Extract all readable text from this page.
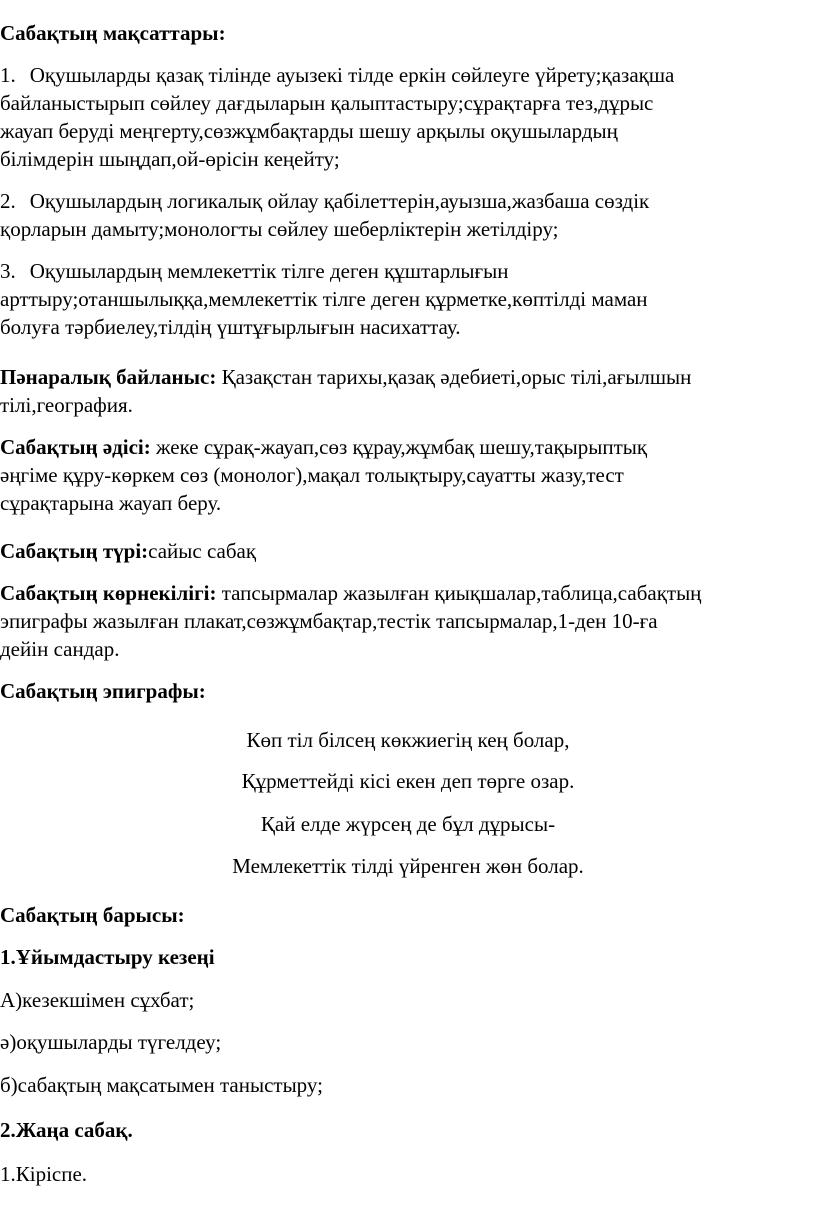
Сабақтың мақсаттары:
1. Оқушыларды қазақ тілінде ауызекі тілде еркін сөйлеуге үйрету;қазақша
байланыстырып сөйлеу дағдыларын қалыптастыру;сұрақтарға тез,дұрыс
жауап беруді меңгерту,сөзжұмбақтарды шешу арқылы оқушылардың
білімдерін шыңдап,ой-өрісін кеңейту;
2. Оқушылардың логикалық ойлау қабілеттерін,ауызша,жазбаша сөздік
қорларын дамыту;монологты сөйлеу шеберліктерін жетілдіру;
3. Оқушылардың мемлекеттік тілге деген құштарлығын
арттыру;отаншылыққа,мемлекеттік тілге деген құрметке,көптілді маман
болуға тәрбиелеу,тілдің үштұғырлығын насихаттау.
Пәнаралық байланыс: Қазақстан тарихы,қазақ әдебиеті,орыс тілі,ағылшын
тілі,география.
Сабақтың әдісі: жеке сұрақ-жауап,сөз құрау,жұмбақ шешу,тақырыптық
әңгіме құру-көркем сөз (монолог),мақал толықтыру,сауатты жазу,тест
сұрақтарына жауап беру.
Сабақтың түрі:сайыс сабақ
Сабақтың көрнекілігі: тапсырмалар жазылған қиықшалар,таблица,сабақтың
эпиграфы жазылған плакат,сөзжұмбақтар,тестік тапсырмалар,1-ден 10-ға
дейін сандар.
Сабақтың эпиграфы:
Көп тіл білсең көкжиегің кең болар,
Құрметтейді кісі екен деп төрге озар.
Қай елде жүрсең де бұл дұрысы-
Мемлекеттік тілді үйренген жөн болар.
Сабақтың барысы:
1.Ұйымдастыру кезеңі
А)кезекшімен сұхбат;
ә)оқушыларды түгелдеу;
б)сабақтың мақсатымен таныстыру;
2.Жаңа сабақ.
1.Кіріспе.
